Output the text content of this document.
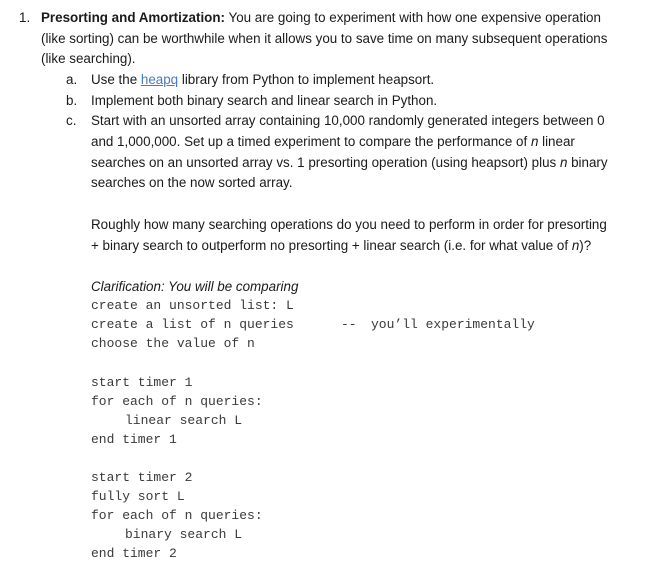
1. Presorting and Amortization: You are going to experiment with how one expensive operation
(like sorting) can be worthwhile when it allows you to save time on many subsequent operations
(like searching).
a. Use the heapq library from Python to implement heapsort.
b. Implement both binary search and linear search in Python.
c. Start with an unsorted array containing 10,000 randomly generated integers between 0
and 1,000,000. Set up a timed experiment to compare the performance of n linear
searches on an unsorted array vs. 1 presorting operation (using heapsort) plus n binary
searches on the now sorted array.
Roughly how many searching operations do you need to perform in order for presorting
+ binary search to outperform no presorting + linear search (i.e. for what value of n)?
Clarification: You will be comparing
create an unsorted list: L
create a list of n queries	-- you’ll experimentally
choose the value of n
start timer 1
for each of n queries:
linear search L
end timer 1
start timer 2
fully sort L
for each of n queries:
binary search L
end timer 2
